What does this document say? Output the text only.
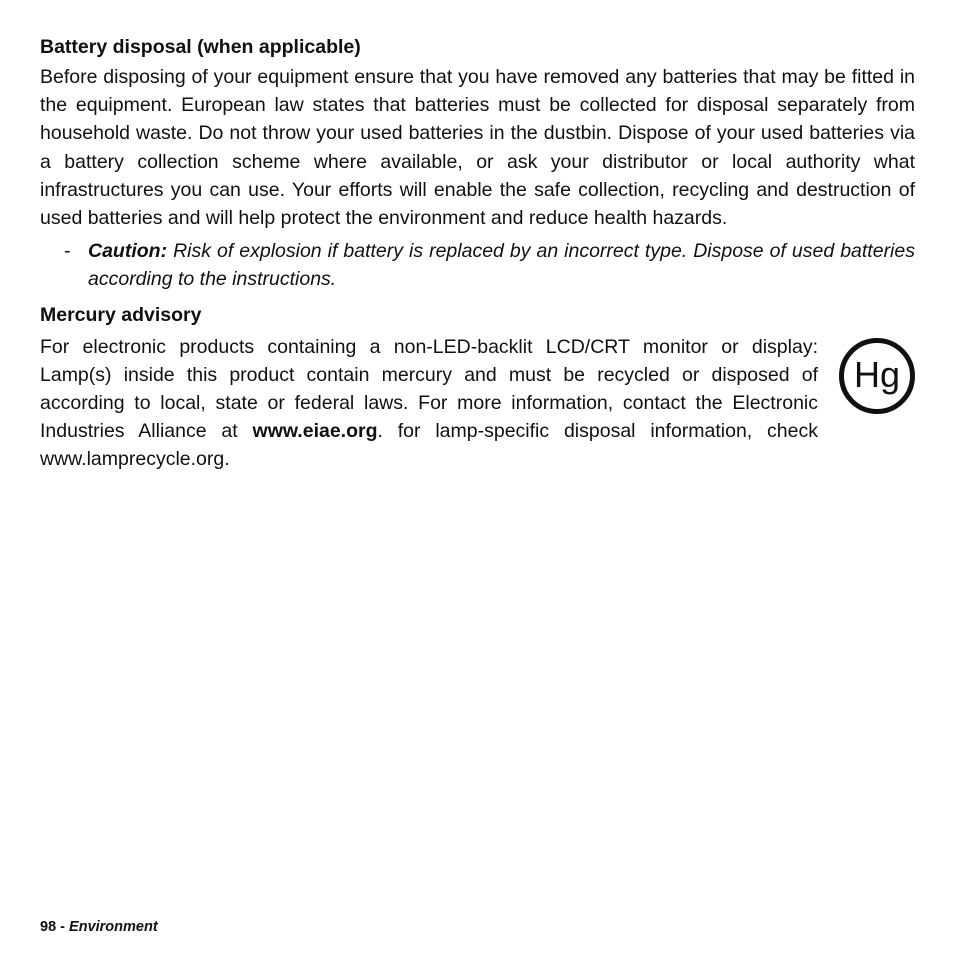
Battery disposal (when applicable)

Before disposing of your equipment ensure that you have removed any batteries that may be fitted in the equipment. European law states that batteries must be collected for disposal separately from household waste. Do not throw your used batteries in the dustbin. Dispose of your used batteries via a battery collection scheme where available, or ask your distributor or local authority what infrastructures you can use. Your efforts will enable the safe collection, recycling and destruction of used batteries and will help protect the environment and reduce health hazards.

- Caution: Risk of explosion if battery is replaced by an incorrect type. Dispose of used batteries according to the instructions.
Mercury advisory

For electronic products containing a non-LED-backlit LCD/CRT monitor or display: Lamp(s) inside this product contain mercury and must be recycled or disposed of according to local, state or federal laws. For more information, contact the Electronic Industries Alliance at www.eiae.org. for lamp-specific disposal information, check www.lamprecycle.org.

Hg
98 - Environment
